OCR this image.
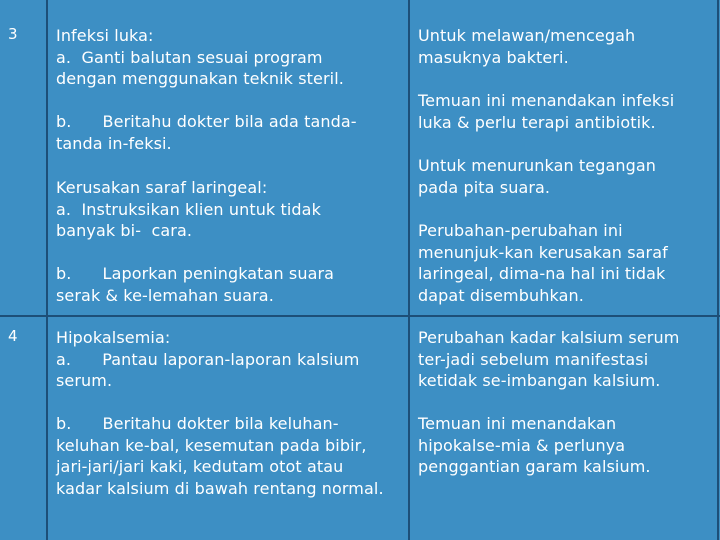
3 Infeksi luka:
a.  Ganti balutan sesuai program
dengan menggunakan teknik steril.
Untuk melawan/mencegah
masuknya bakteri.
b.      Beritahu dokter bila ada tanda-
tanda in-feksi.
Temuan ini menandakan infeksi
luka & perlu terapi antibiotik.
Kerusakan saraf laringeal:
a.  Instruksikan klien untuk tidak
banyak bi-  cara.
Untuk menurunkan tegangan
pada pita suara.
b.      Laporkan peningkatan suara
serak & ke-lemahan suara.
Perubahan-perubahan ini
menunjuk-kan kerusakan saraf
laringeal, dima-na hal ini tidak
dapat disembuhkan.
4 Hipokalsemia:
a.      Pantau laporan-laporan kalsium
serum.
Perubahan kadar kalsium serum
ter-jadi sebelum manifestasi
ketidak se-imbangan kalsium.
b.      Beritahu dokter bila keluhan-
keluhan ke-bal, kesemutan pada bibir,
jari-jari/jari kaki, kedutam otot atau
kadar kalsium di bawah rentang normal.
Temuan ini menandakan
hipokalse-mia & perlunya
penggantian garam kalsium.
